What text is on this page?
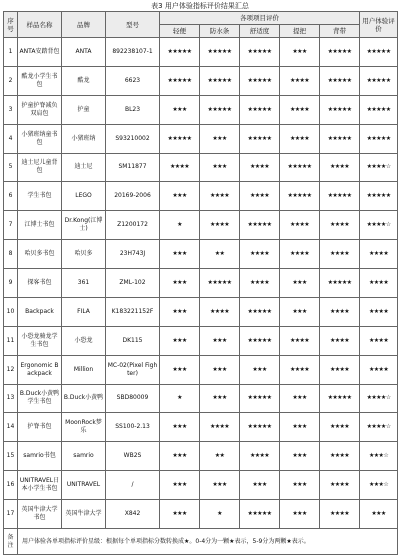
表3 用户体验指标评价结果汇总
序号	样品名称	品牌	型号	各项项目评价					用户体验评价
				轻便	防水条	舒适度	提把	背带	
1	ANTA安踏背包	ANTA	892238107-1	★★★★★	★★★★★	★★★★★	★★★	★★★★★	★★★★★
2	酷龙小学生书包	酷龙	6623	★★★★★	★★★★★	★★★★★	★★★★	★★★★★	★★★★★
3	护童护脊减负双肩包	护童	BL23	★★★	★★★★★	★★★★★	★★★★	★★★★★	★★★★★
4	小猪班纳童书包	小猪班纳	S93210002	★★★★★	★★★	★★★★★	★★★★	★★★★★	★★★★★
5	迪士尼儿童背包	迪士尼	SM11877	★★★★	★★★	★★★★	★★★★★	★★★★	★★★★☆
6	学生书包	LEGO	20169-2006	★★★	★★★★	★★★★	★★★★★	★★★★★	★★★★★
7	江博士书包	Dr.Kong(江博士)	Z1200172	★	★★★★	★★★★★	★★★★	★★★★	★★★★☆
8	哈贝多书包	哈贝多	23H743J	★★★	★★	★★★★	★★★★	★★★★	★★★★
9	探客书包	361	ZML-102	★★★	★★★★★	★★★★	★★★	★★★★★	★★★★
10	Backpack	FILA	K183221152F	★★★	★★★★	★★★★★	★★★	★★★★	★★★★
11	小恐龙骑龙学生书包	小恐龙	DK115	★★★	★★★	★★★★★	★★★★	★★★★	★★★★
12	Ergonomic Backpack	Million	MC-02(Pixel Fighter)	★★★	★★★	★★★	★★★★	★★★★	★★★★
13	B.Duck小黄鸭学生书包	B.Duck小黄鸭	SBD80009	★	★★★	★★★★★	★★★	★★★★★	★★★★☆
14	护脊书包	MoonRock梦乐	SS100-2.13	★★★	★★★★	★★★★★	★★★	★★★★	★★★★☆
15	samrio书包	samrio	WB2S	★★★	★★	★★★★	★★★	★★★★	★★★☆
16	UNITRAVEL日本小学生书包	UNITRAVEL	/	★★★	★★★	★★★	★★★	★★★★	★★★☆
17	英国牛津大学书包	英国牛津大学	X842	★★★	★	★★★★★	★★★	★★★★	★★★
备注	用户体验各单项指标评价星级：根据每个单项指标分数转换成★。0-4分为一颗★表示，5-9分为两颗★表示。								
